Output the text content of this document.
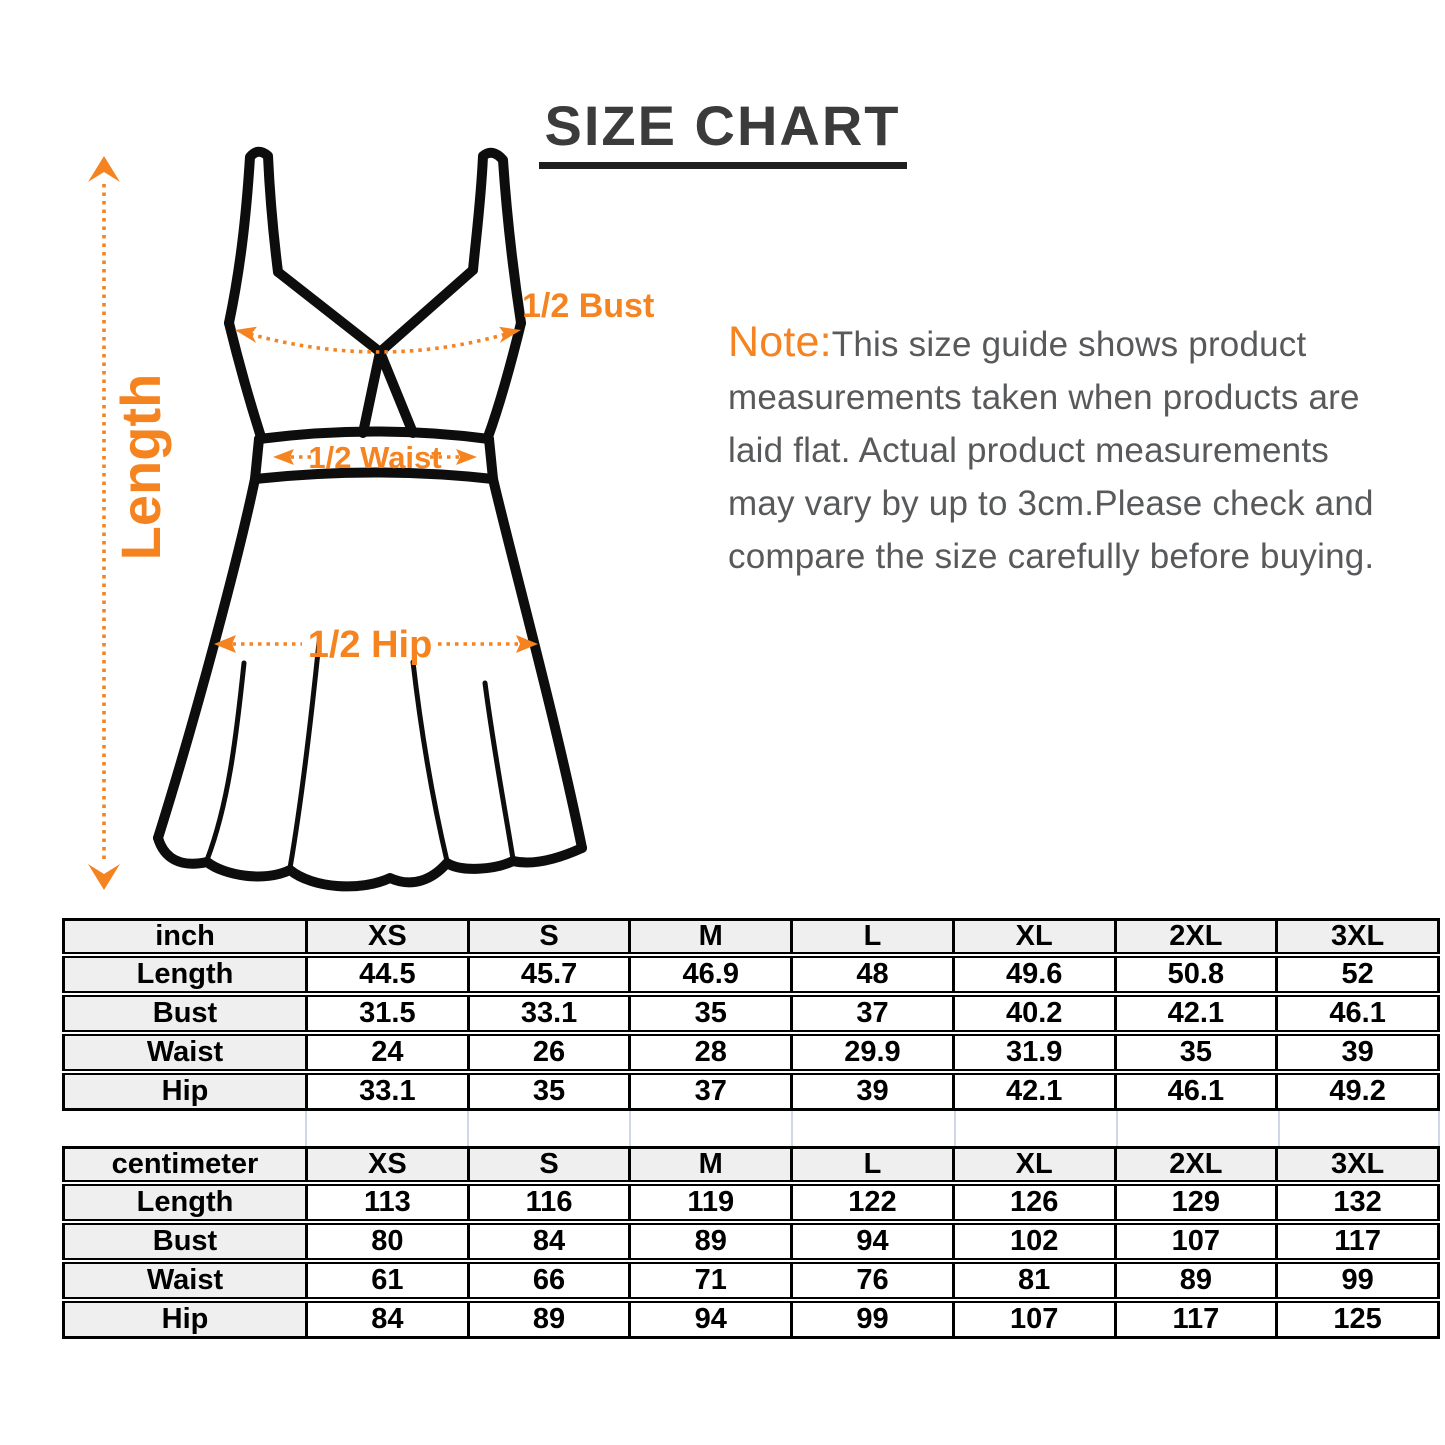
SIZE CHART
Length
1/2 Bust
1/2 Waist
1/2 Hip
Note:This size guide shows product
measurements taken when products are
laid flat. Actual product measurements
may vary by up to 3cm.Please check and
compare the size carefully before buying.
inch	XS	S	M	L	XL	2XL	3XL
Length	44.5	45.7	46.9	48	49.6	50.8	52
Bust	31.5	33.1	35	37	40.2	42.1	46.1
Waist	24	26	28	29.9	31.9	35	39
Hip	33.1	35	37	39	42.1	46.1	49.2
centimeter	XS	S	M	L	XL	2XL	3XL
Length	113	116	119	122	126	129	132
Bust	80	84	89	94	102	107	117
Waist	61	66	71	76	81	89	99
Hip	84	89	94	99	107	117	125
